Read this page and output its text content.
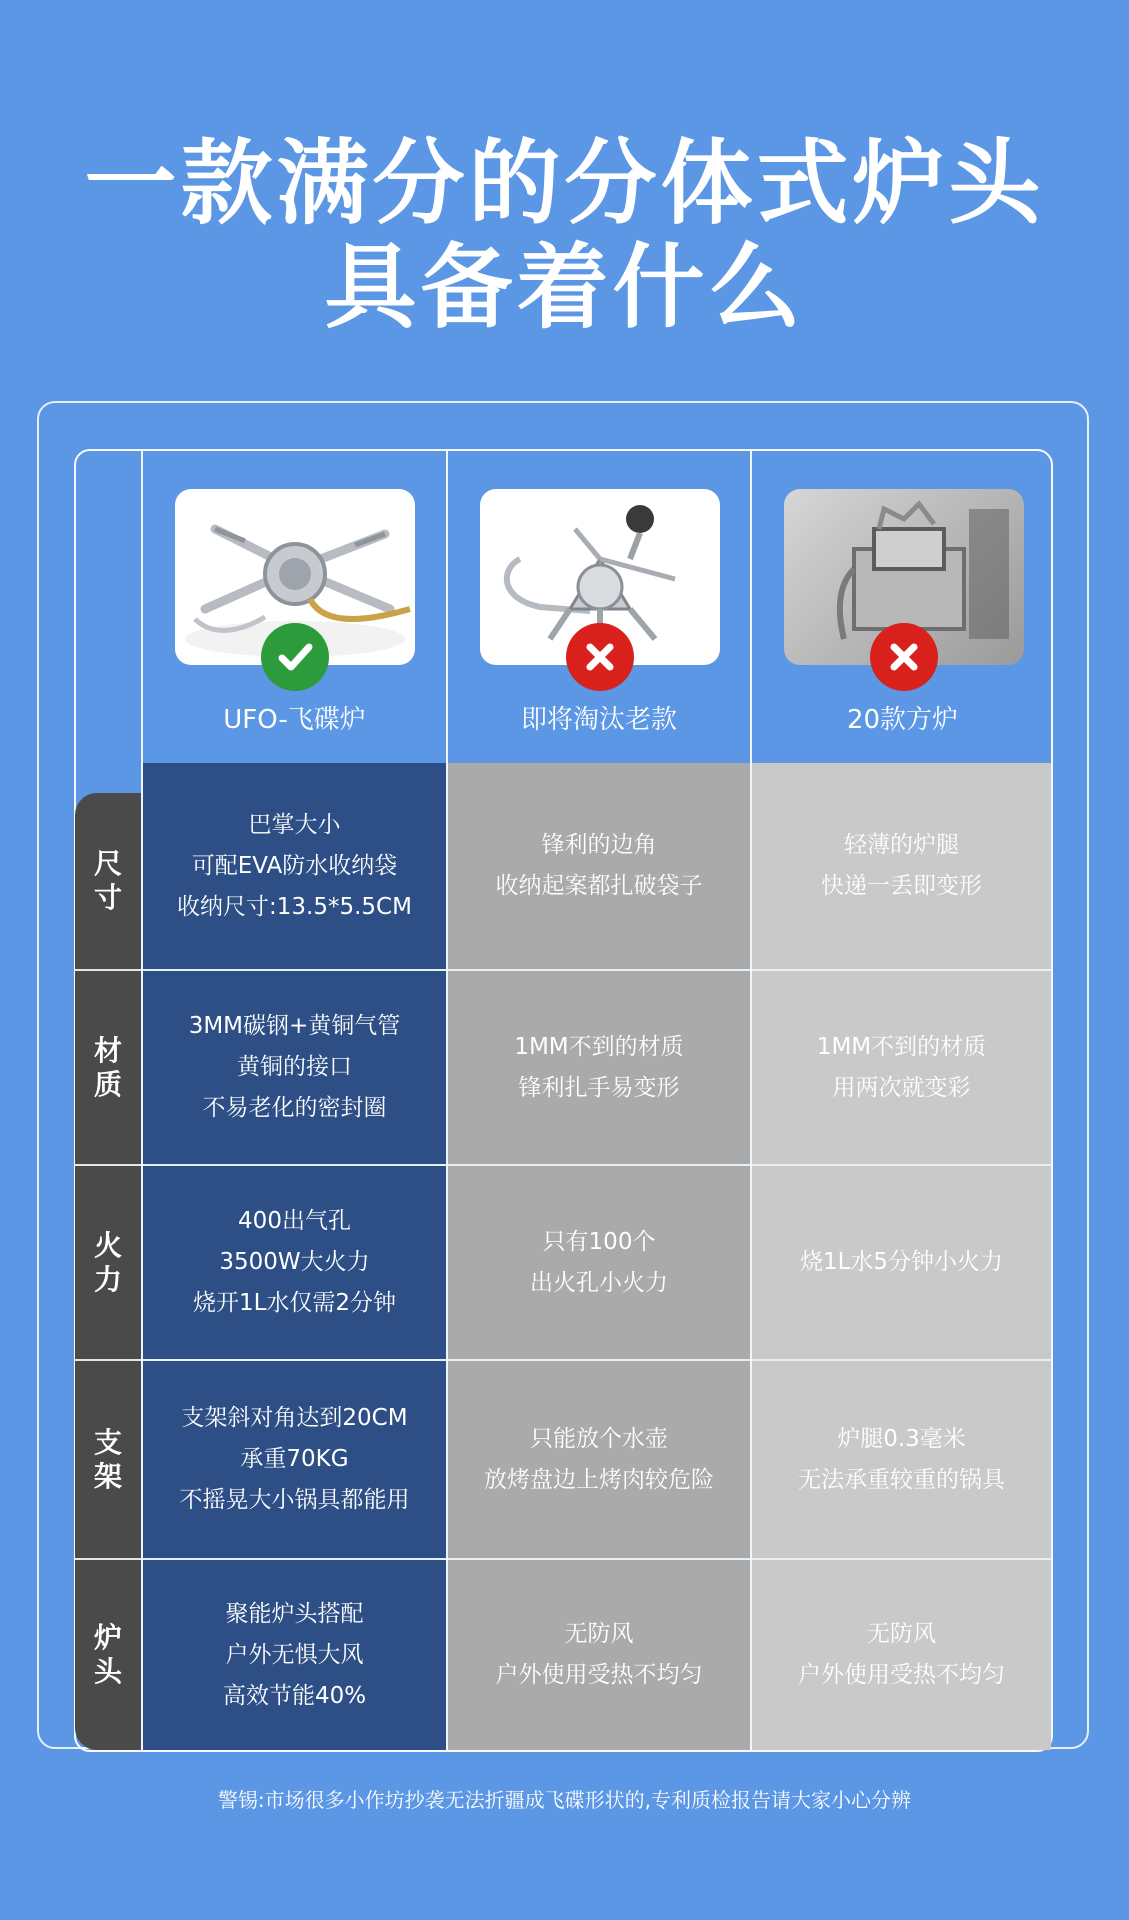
一款满分的分体式炉头
具备着什么
UFO-飞碟炉	即将淘汰老款	20款方炉
尺
寸
巴掌大小
可配EVA防水收纳袋
收纳尺寸:13.5*5.5CM
锋利的边角
收纳起案都扎破袋子
轻薄的炉腿
快递一丢即变形
材
质
3MM碳钢+黄铜气管
黄铜的接口
不易老化的密封圈
1MM不到的材质
锋利扎手易变形
1MM不到的材质
用两次就变彩
火
力
400出气孔
3500W大火力
烧开1L水仅需2分钟
只有100个
出火孔小火力
烧1L水5分钟小火力
支
架
支架斜对角达到20CM
承重70KG
不摇晃大小锅具都能用
只能放个水壶
放烤盘边上烤肉较危险
炉腿0.3毫米
无法承重较重的锅具
炉
头
聚能炉头搭配
户外无惧大风
高效节能40%
无防风
户外使用受热不均匀
无防风
户外使用受热不均匀
警锡:市场很多小作坊抄袭无法折疆成飞碟形状的,专利质检报告请大家小心分辨
